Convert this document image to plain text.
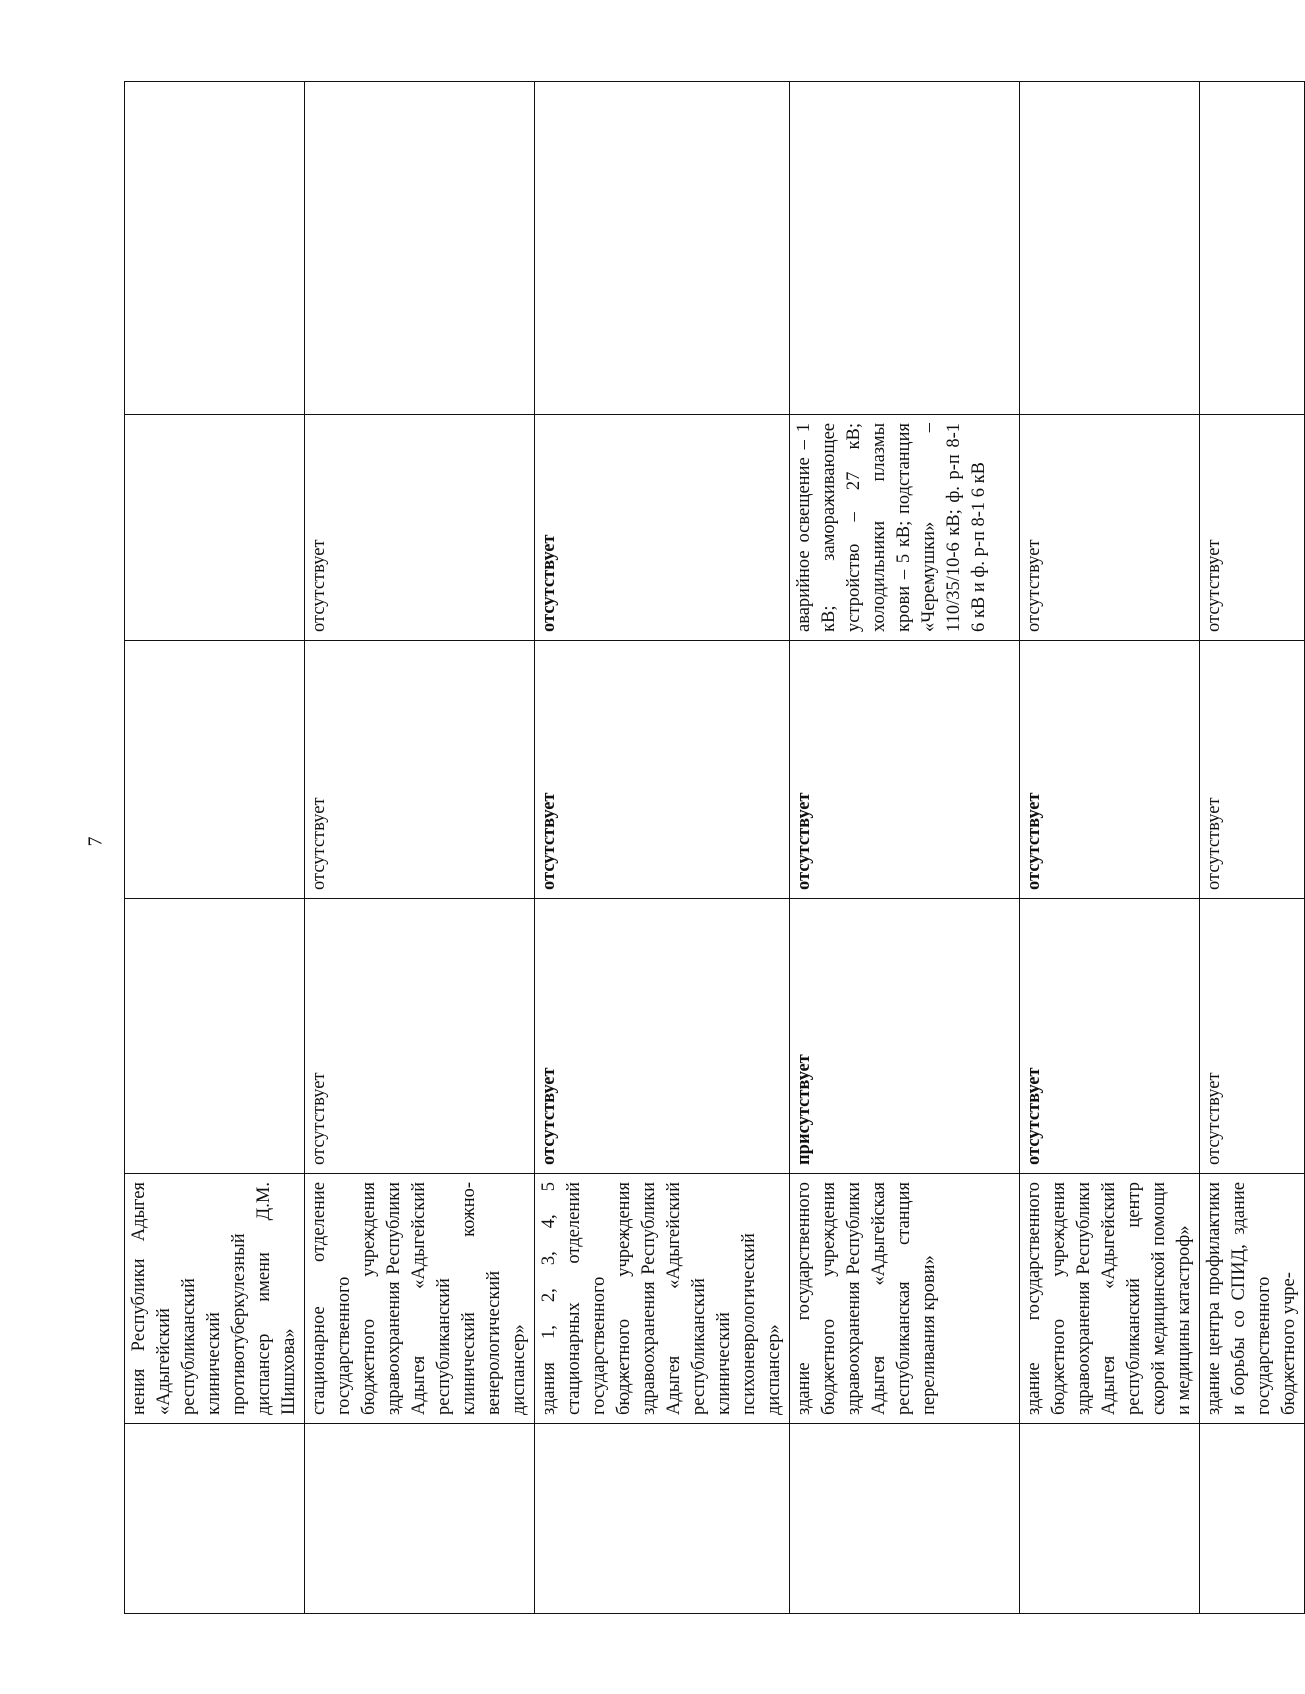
7
	нения Республики Адыгея «Адыгейский республиканский клинический противотуберкулезный диспансер имени Д.М. Шишхова»				
	стационарное отделение государственного бюджетного учреждения здравоохранения Республики Адыгея «Адыгейский республиканский клинический кожно-венерологический диспансер»	отсутствует	отсутствует	отсутствует	
	здания 1, 2, 3, 4, 5 стационарных отделений государственного бюджетного учреждения здравоохранения Республики Адыгея «Адыгейский республиканский клинический психоневрологический диспансер»	отсутствует	отсутствует	отсутствует	
	здание государственного бюджетного учреждения здравоохранения Республики Адыгея «Адыгейская республиканская станция переливания крови»	присутствует	отсутствует	аварийное освещение – 1 кВ; замораживающее устройство – 27 кВ; холодильники плазмы крови – 5 кВ; подстанция «Черемушки» – 110/35/10-6 кВ; ф. р-п 8-1 6 кВ и ф. р-п 8-1 6 кВ	
	здание государственного бюджетного учреждения здравоохранения Республики Адыгея «Адыгейский республиканский центр скорой медицинской помощи и медицины катастроф»	отсутствует	отсутствует	отсутствует	
	здание центра профилактики и борьбы со СПИД, здание государственного бюджетного учре-	отсутствует	отсутствует	отсутствует	
